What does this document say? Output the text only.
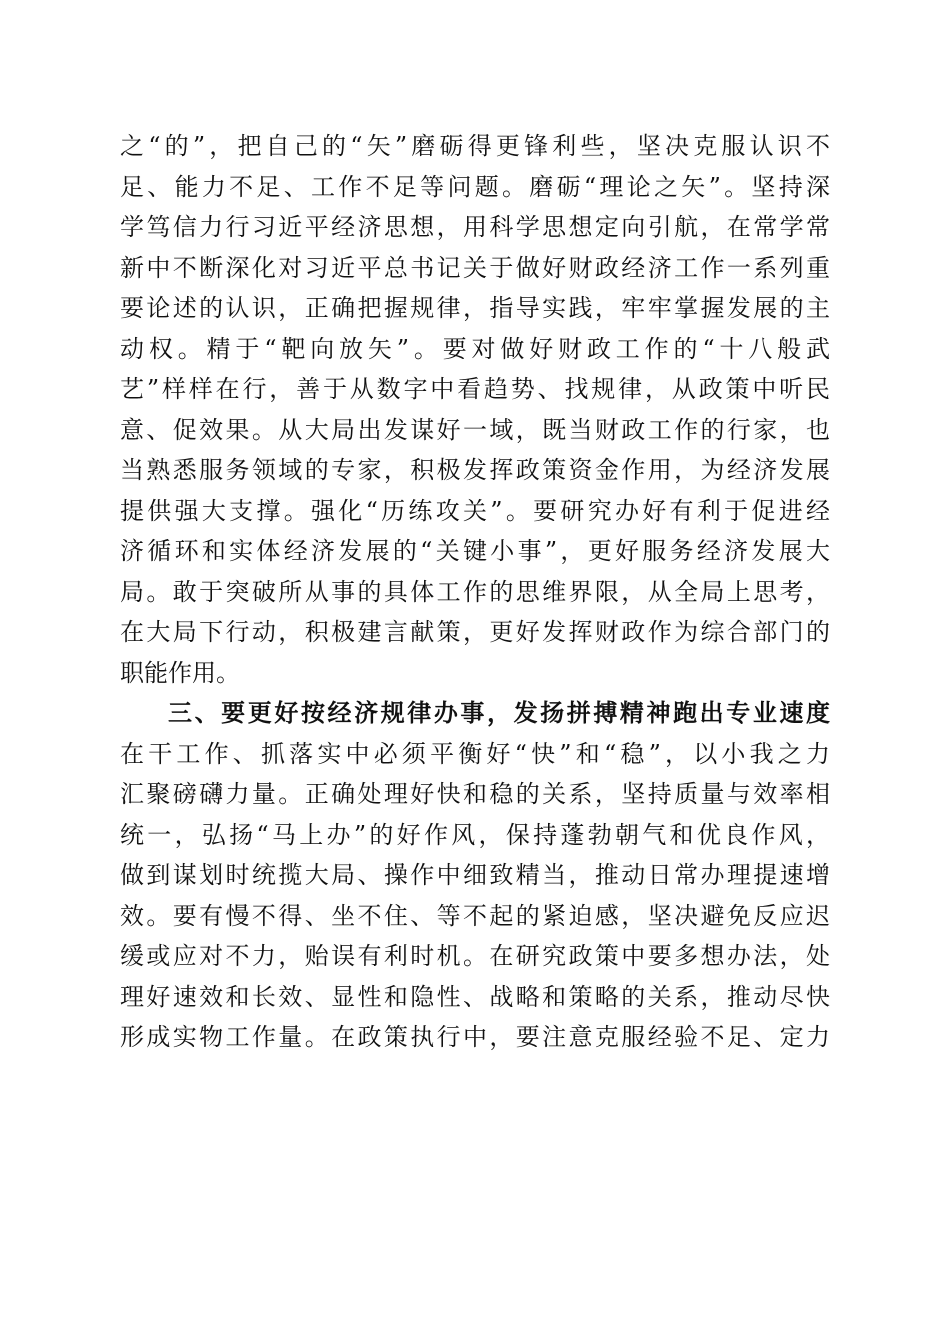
之“的”，把自己的“矢”磨砺得更锋利些，坚决克服认识不
足、能力不足、工作不足等问题。磨砺“理论之矢”。坚持深
学笃信力行习近平经济思想，用科学思想定向引航，在常学常
新中不断深化对习近平总书记关于做好财政经济工作一系列重
要论述的认识，正确把握规律，指导实践，牢牢掌握发展的主
动权。精于“靶向放矢”。要对做好财政工作的“十八般武
艺”样样在行，善于从数字中看趋势、找规律，从政策中听民
意、促效果。从大局出发谋好一域，既当财政工作的行家，也
当熟悉服务领域的专家，积极发挥政策资金作用，为经济发展
提供强大支撑。强化“历练攻关”。要研究办好有利于促进经
济循环和实体经济发展的“关键小事”，更好服务经济发展大
局。敢于突破所从事的具体工作的思维界限，从全局上思考，
在大局下行动，积极建言献策，更好发挥财政作为综合部门的
职能作用。
三、要更好按经济规律办事，发扬拼搏精神跑出专业速度
在干工作、抓落实中必须平衡好“快”和“稳”，以小我之力
汇聚磅礴力量。正确处理好快和稳的关系，坚持质量与效率相
统一，弘扬“马上办”的好作风，保持蓬勃朝气和优良作风，
做到谋划时统揽大局、操作中细致精当，推动日常办理提速增
效。要有慢不得、坐不住、等不起的紧迫感，坚决避免反应迟
缓或应对不力，贻误有利时机。在研究政策中要多想办法，处
理好速效和长效、显性和隐性、战略和策略的关系，推动尽快
形成实物工作量。在政策执行中，要注意克服经验不足、定力
